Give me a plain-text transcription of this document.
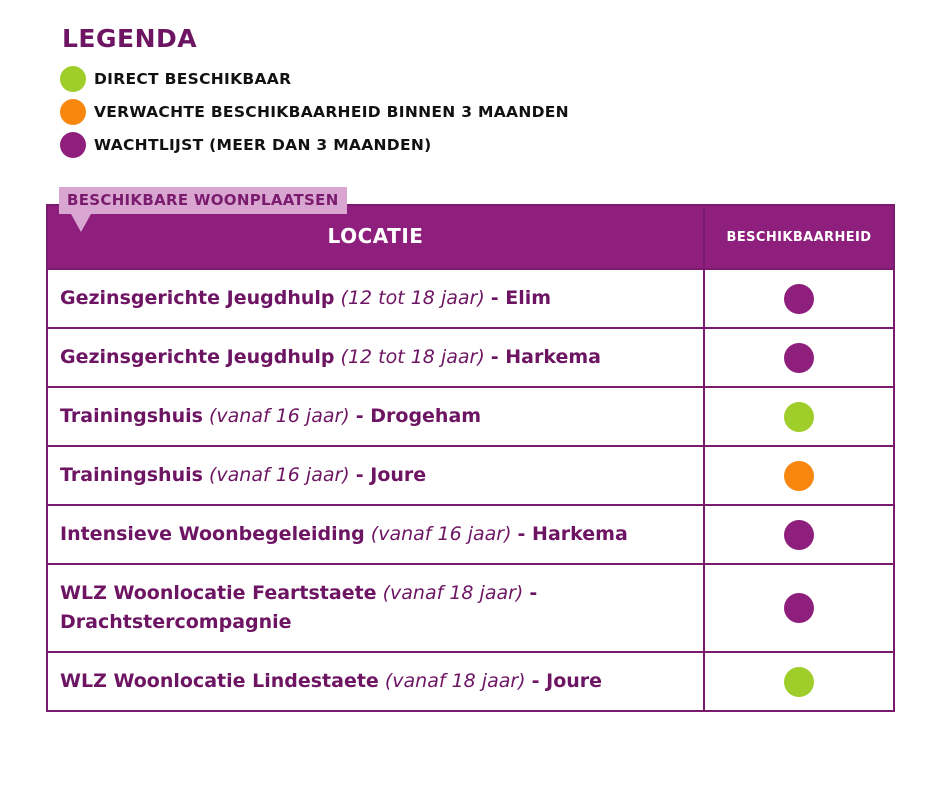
LEGENDA
DIRECT BESCHIKBAAR
VERWACHTE BESCHIKBAARHEID BINNEN 3 MAANDEN
WACHTLIJST (MEER DAN 3 MAANDEN)
BESCHIKBARE WOONPLAATSEN
LOCATIE	BESCHIKBAARHEID
Gezinsgerichte Jeugdhulp (12 tot 18 jaar) - Elim	
Gezinsgerichte Jeugdhulp (12 tot 18 jaar) - Harkema	
Trainingshuis (vanaf 16 jaar) - Drogeham	
Trainingshuis (vanaf 16 jaar) - Joure	
Intensieve Woonbegeleiding (vanaf 16 jaar) - Harkema	
WLZ Woonlocatie Feartstaete (vanaf 18 jaar) - Drachtstercompagnie	
WLZ Woonlocatie Lindestaete (vanaf 18 jaar) - Joure	
